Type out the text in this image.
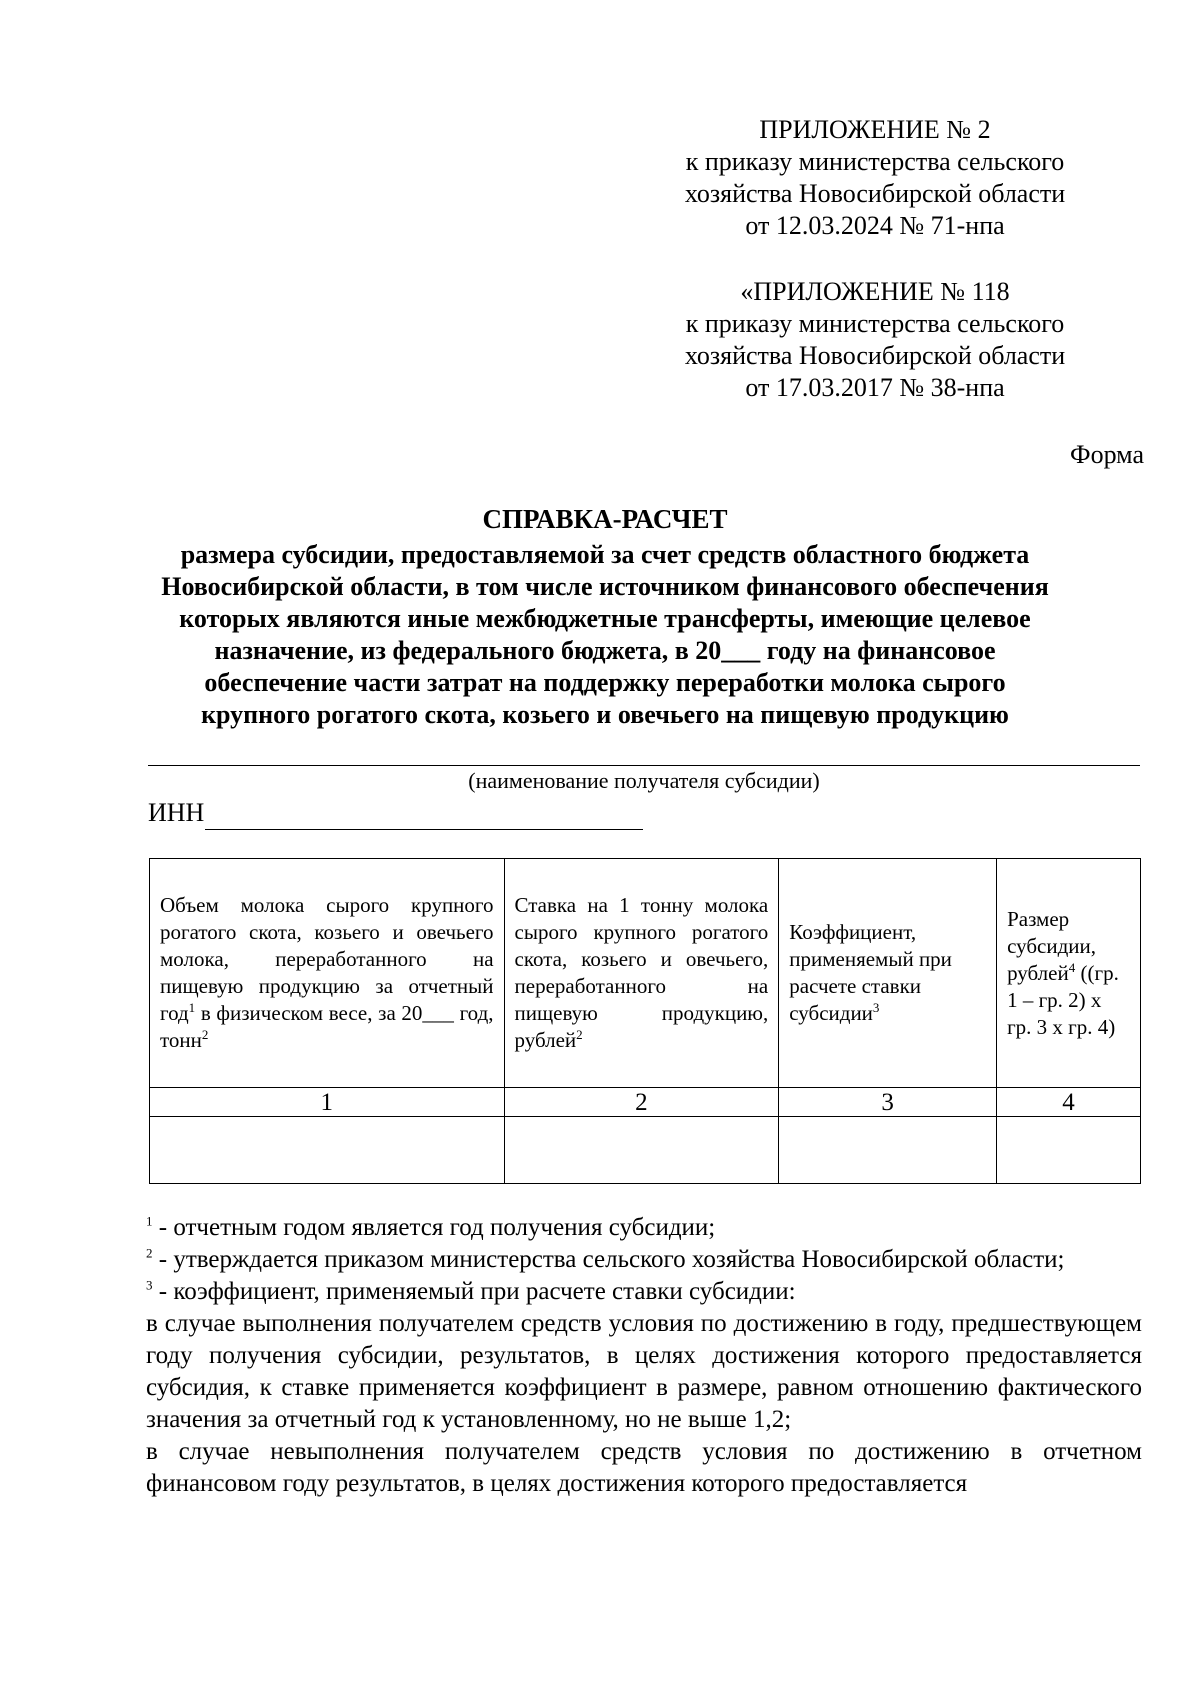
ПРИЛОЖЕНИЕ № 2
к приказу министерства сельского
хозяйства Новосибирской области
от 12.03.2024 № 71-нпа
«ПРИЛОЖЕНИЕ № 118
к приказу министерства сельского
хозяйства Новосибирской области
от 17.03.2017 № 38-нпа
Форма
СПРАВКА-РАСЧЕТ
размера субсидии, предоставляемой за счет средств областного бюджета
Новосибирской области, в том числе источником финансового обеспечения
которых являются иные межбюджетные трансферты, имеющие целевое
назначение, из федерального бюджета, в 20___ году на финансовое
обеспечение части затрат на поддержку переработки молока сырого
крупного рогатого скота, козьего и овечьего на пищевую продукцию
(наименование получателя субсидии)
ИНН
Объем молока сырого крупного рогатого скота, козьего и овечьего молока, переработанного на пищевую продукцию за отчетный год$^1$ в физическом весе, за 20___ год, тонн$^2$	Ставка на 1 тонну молока сырого крупного рогатого скота, козьего и овечьего, переработанного на пищевую продукцию, рублей$^2$	Коэффициент, применяемый при расчете ставки субсидии$^3$	Размер субсидии, рублей$^4$ ((гр. 1 – гр. 2) х гр. 3 х гр. 4)
1	2	3	4

$^1$ - отчетным годом является год получения субсидии;

$^2$ - утверждается приказом министерства сельского хозяйства Новосибирской области;

$^3$ - коэффициент, применяемый при расчете ставки субсидии:

в случае выполнения получателем средств условия по достижению в году, предшествующем году получения субсидии, результатов, в целях достижения которого предоставляется субсидия, к ставке применяется коэффициент в размере, равном отношению фактического значения за отчетный год к установленному, но не выше 1,2;

в случае невыполнения получателем средств условия по достижению в отчетном финансовом году результатов, в целях достижения которого предоставляется
